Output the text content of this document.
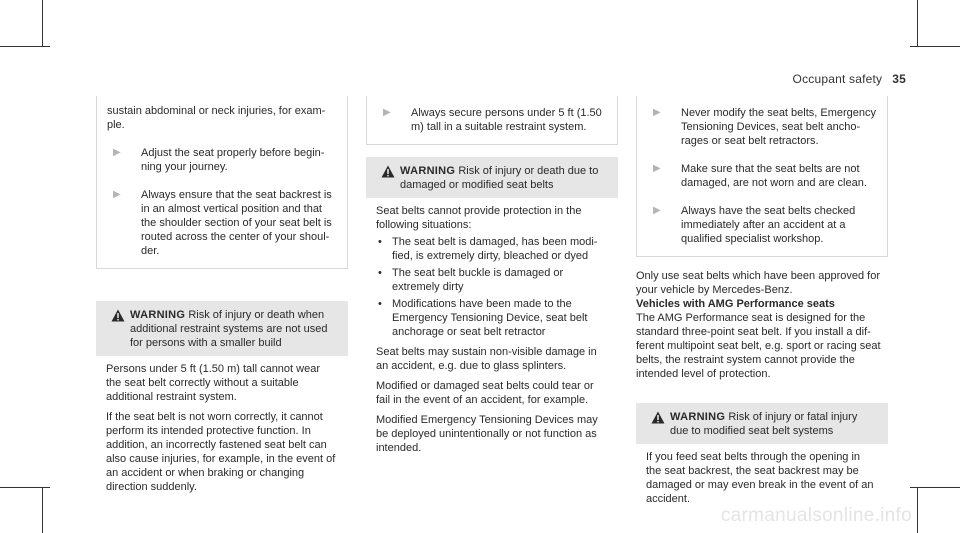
Occupant safety 35

sustain abdominal or neck injuries, for example.

▶	Adjust the seat properly before beginning your journey.

▶	Always ensure that the seat backrest is in an almost vertical position and that the shoulder section of your seat belt is routed across the center of your shoulder.

WARNING Risk of injury or death when additional restraint systems are not used for persons with a smaller build

Persons under 5 ft (1.50 m) tall cannot wear the seat belt correctly without a suitable additional restraint system.

If the seat belt is not worn correctly, it cannot perform its intended protective function. In addition, an incorrectly fastened seat belt can also cause injuries, for example, in the event of an accident or when braking or changing direction suddenly.

▶	Always secure persons under 5 ft (1.50 m) tall in a suitable restraint system.

WARNING Risk of injury or death due to damaged or modified seat belts

Seat belts cannot provide protection in the following situations:

• The seat belt is damaged, has been modified, is extremely dirty, bleached or dyed

• The seat belt buckle is damaged or extremely dirty

• Modifications have been made to the Emergency Tensioning Device, seat belt anchorage or seat belt retractor

Seat belts may sustain non-visible damage in an accident, e.g. due to glass splinters.

Modified or damaged seat belts could tear or fail in the event of an accident, for example.

Modified Emergency Tensioning Devices may be deployed unintentionally or not function as intended.

▶	Never modify the seat belts, Emergency Tensioning Devices, seat belt anchorages or seat belt retractors.

▶	Make sure that the seat belts are not damaged, are not worn and are clean.

▶	Always have the seat belts checked immediately after an accident at a qualified specialist workshop.

Only use seat belts which have been approved for your vehicle by Mercedes-Benz.

Vehicles with AMG Performance seats

The AMG Performance seat is designed for the standard three-point seat belt. If you install a different multipoint seat belt, e.g. sport or racing seat belts, the restraint system cannot provide the intended level of protection.

WARNING Risk of injury or fatal injury due to modified seat belt systems

If you feed seat belts through the opening in the seat backrest, the seat backrest may be damaged or may even break in the event of an accident.

carmanualsonline.info
